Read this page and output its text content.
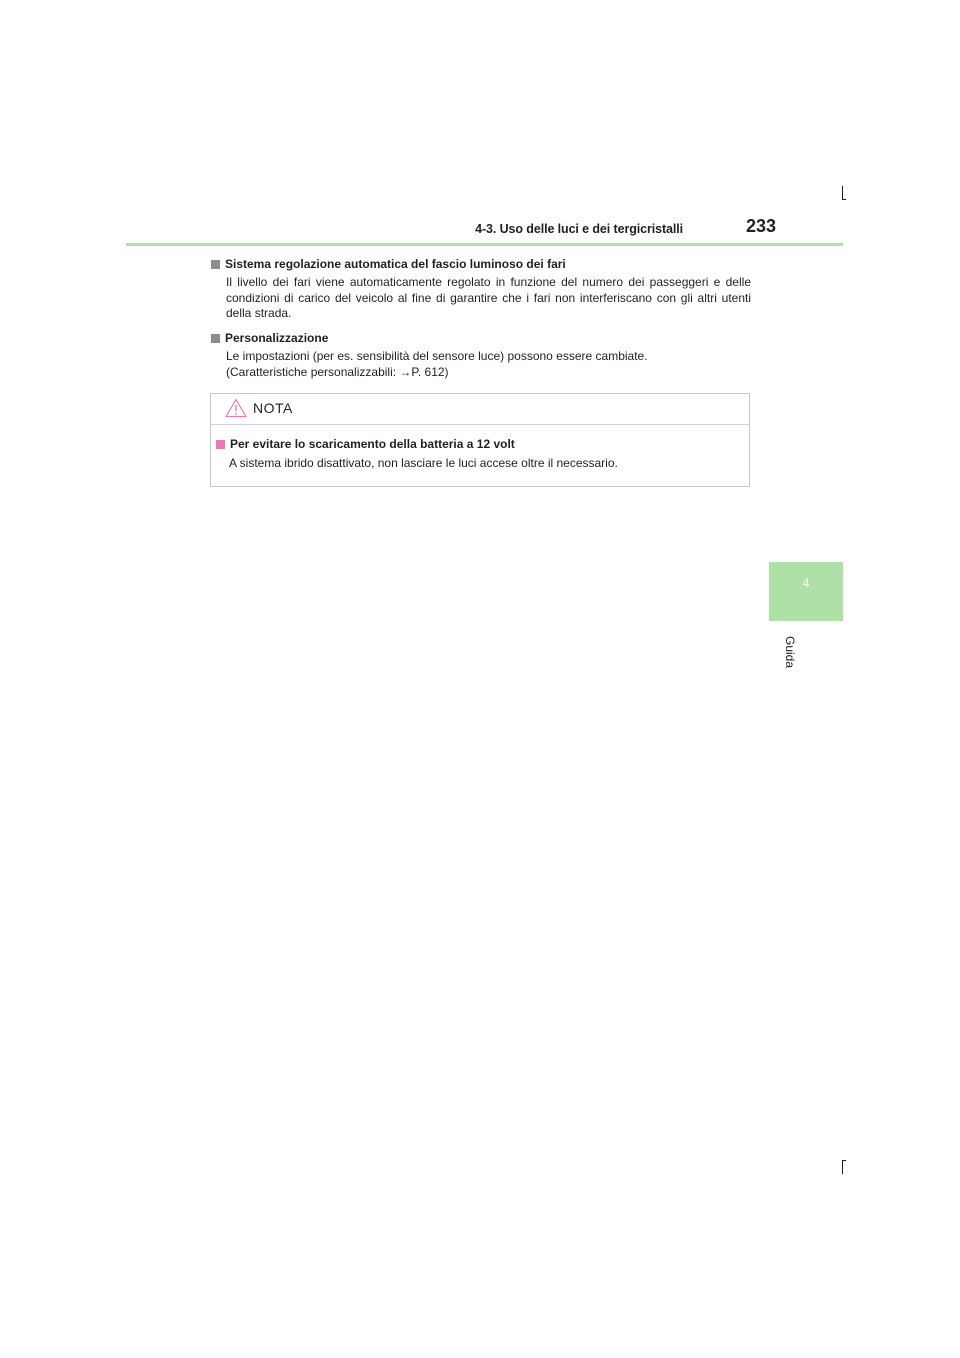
4-3. Uso delle luci e dei tergicristalli	233
4
Guida
Sistema regolazione automatica del fascio luminoso dei fari

Il livello dei fari viene automaticamente regolato in funzione del numero dei passeggeri e delle condizioni di carico del veicolo al fine di garantire che i fari non interferiscano con gli altri utenti della strada.

Personalizzazione

Le impostazioni (per es. sensibilità del sensore luce) possono essere cambiate.

(Caratteristiche personalizzabili: →P. 612)

NOTA
Per evitare lo scaricamento della batteria a 12 volt
A sistema ibrido disattivato, non lasciare le luci accese oltre il necessario.
